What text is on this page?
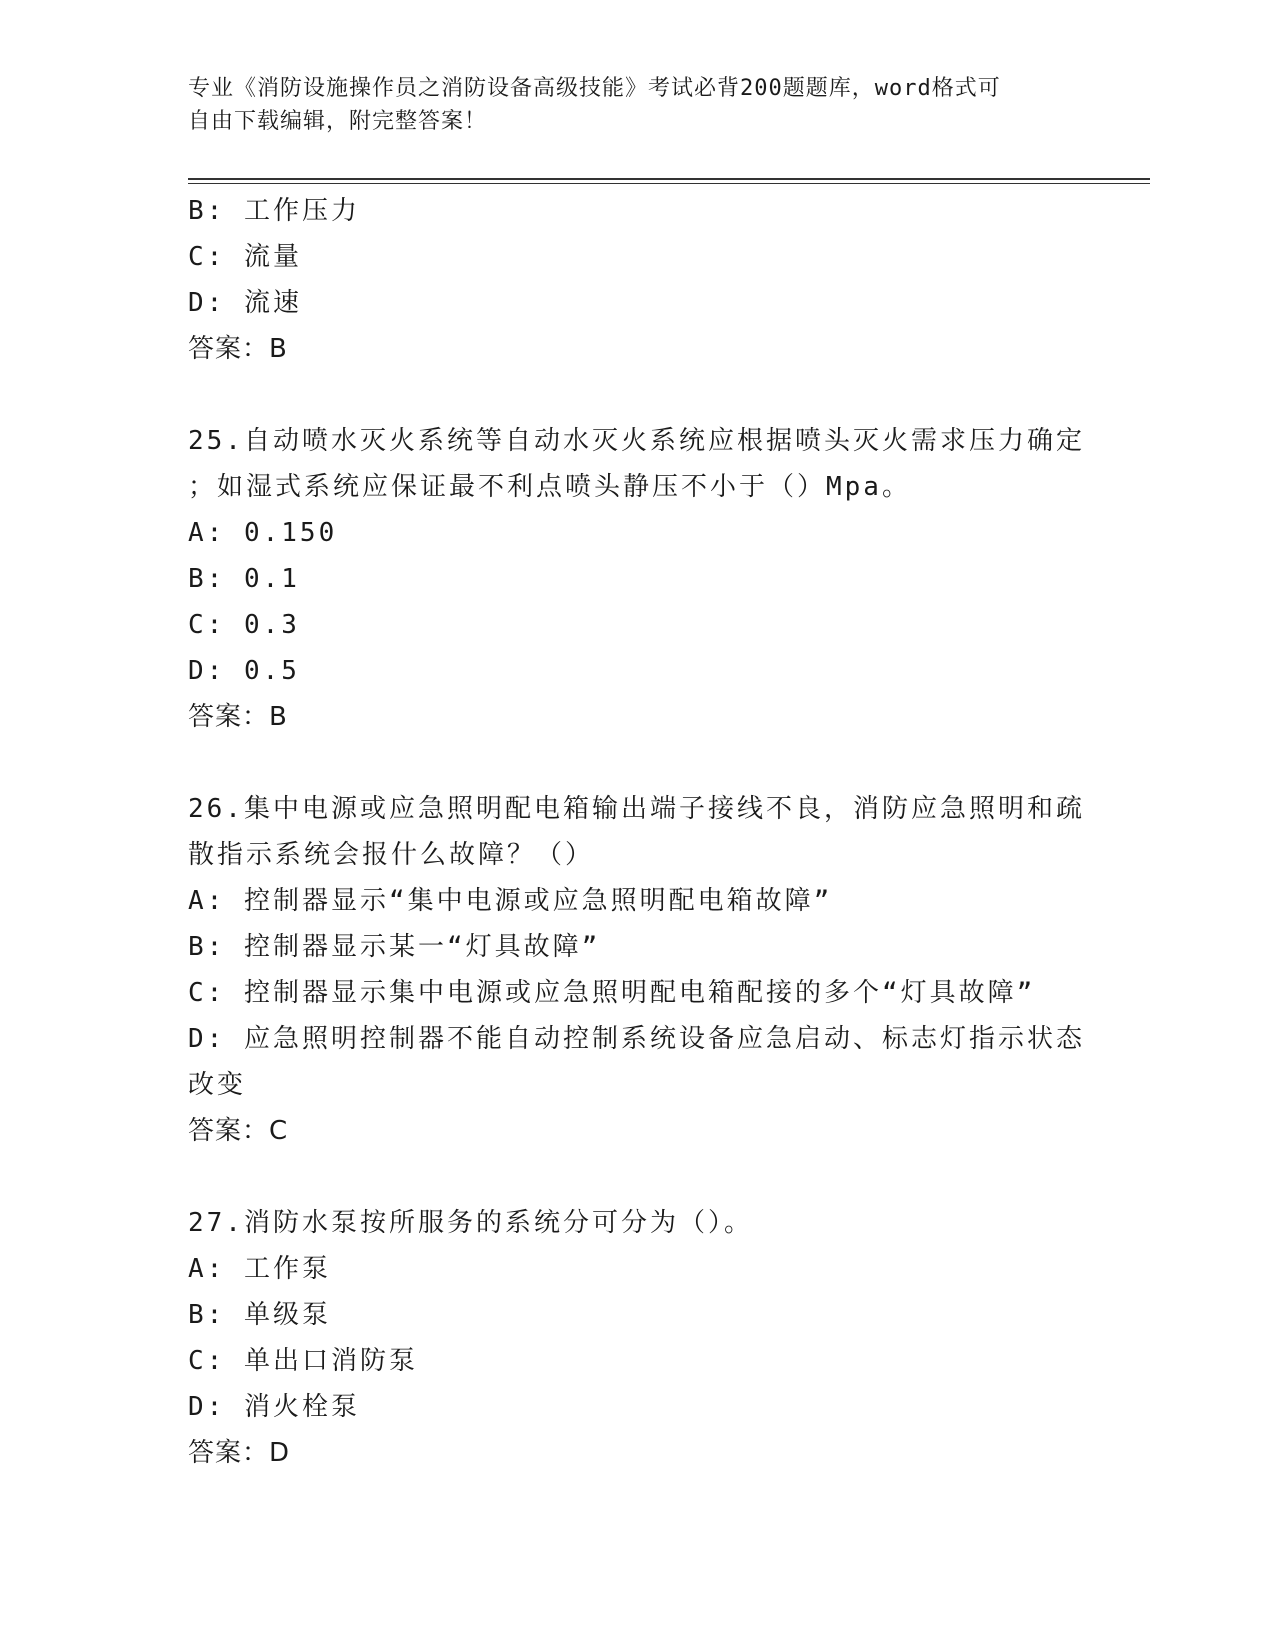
专业《消防设施操作员之消防设备高级技能》考试必背200题题库，word格式可
自由下载编辑，附完整答案！
B: 工作压力
C: 流量
D: 流速
答案：B
25.自动喷水灭火系统等自动水灭火系统应根据喷头灭火需求压力确定
；如湿式系统应保证最不利点喷头静压不小于（）Mpa。
A: 0.150
B: 0.1
C: 0.3
D: 0.5
答案：B
26.集中电源或应急照明配电箱输出端子接线不良，消防应急照明和疏
散指示系统会报什么故障？（）
A: 控制器显示“集中电源或应急照明配电箱故障”
B: 控制器显示某一“灯具故障”
C: 控制器显示集中电源或应急照明配电箱配接的多个“灯具故障”
D: 应急照明控制器不能自动控制系统设备应急启动、标志灯指示状态
改变
答案：C
27.消防水泵按所服务的系统分可分为（）。
A: 工作泵
B: 单级泵
C: 单出口消防泵
D: 消火栓泵
答案：D
